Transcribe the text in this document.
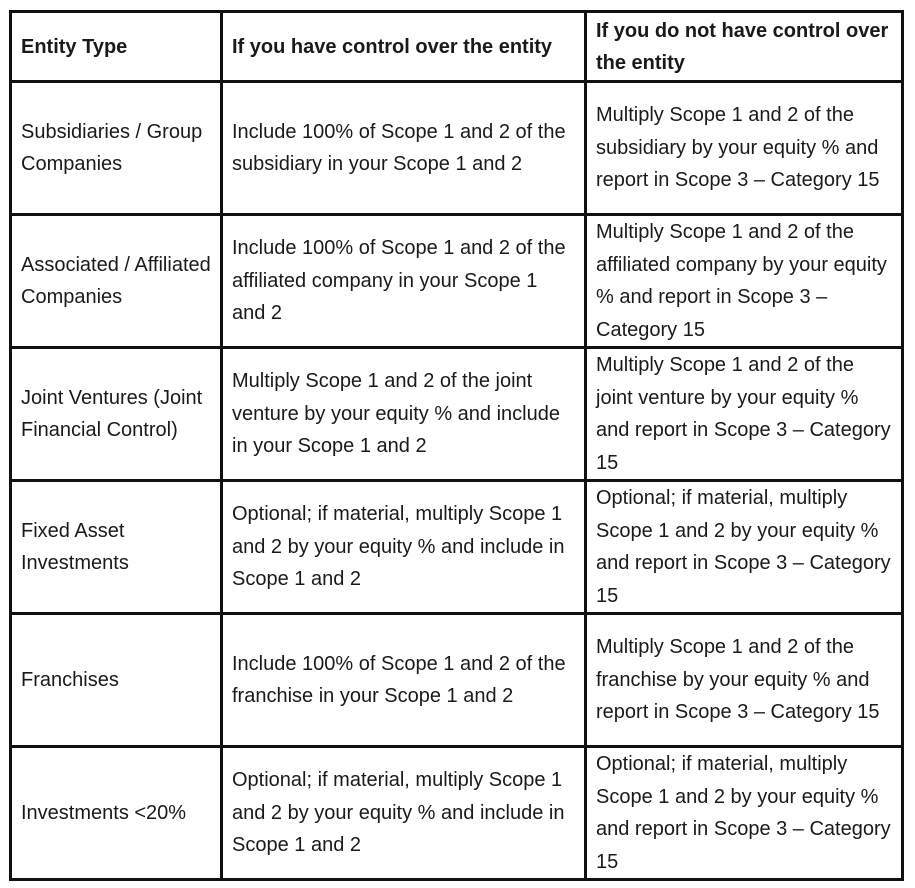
Entity Type	If you have control over the entity	If you do not have control over the entity

Subsidiaries / Group Companies	Include 100% of Scope 1 and 2 of the subsidiary in your Scope 1 and 2	Multiply Scope 1 and 2 of the subsidiary by your equity % and report in Scope 3 – Category 15

Associated / Affiliated Companies	Include 100% of Scope 1 and 2 of the affiliated company in your Scope 1 and 2	Multiply Scope 1 and 2 of the affiliated company by your equity % and report in Scope 3 – Category 15

Joint Ventures (Joint Financial Control)	Multiply Scope 1 and 2 of the joint venture by your equity % and include in your Scope 1 and 2	Multiply Scope 1 and 2 of the joint venture by your equity % and report in Scope 3 – Category 15

Fixed Asset Investments	Optional; if material, multiply Scope 1 and 2 by your equity % and include in Scope 1 and 2	Optional; if material, multiply Scope 1 and 2 by your equity % and report in Scope 3 – Category 15

Franchises	Include 100% of Scope 1 and 2 of the franchise in your Scope 1 and 2	Multiply Scope 1 and 2 of the franchise by your equity % and report in Scope 3 – Category 15

Investments <20%	Optional; if material, multiply Scope 1 and 2 by your equity % and include in Scope 1 and 2	Optional; if material, multiply Scope 1 and 2 by your equity % and report in Scope 3 – Category 15
